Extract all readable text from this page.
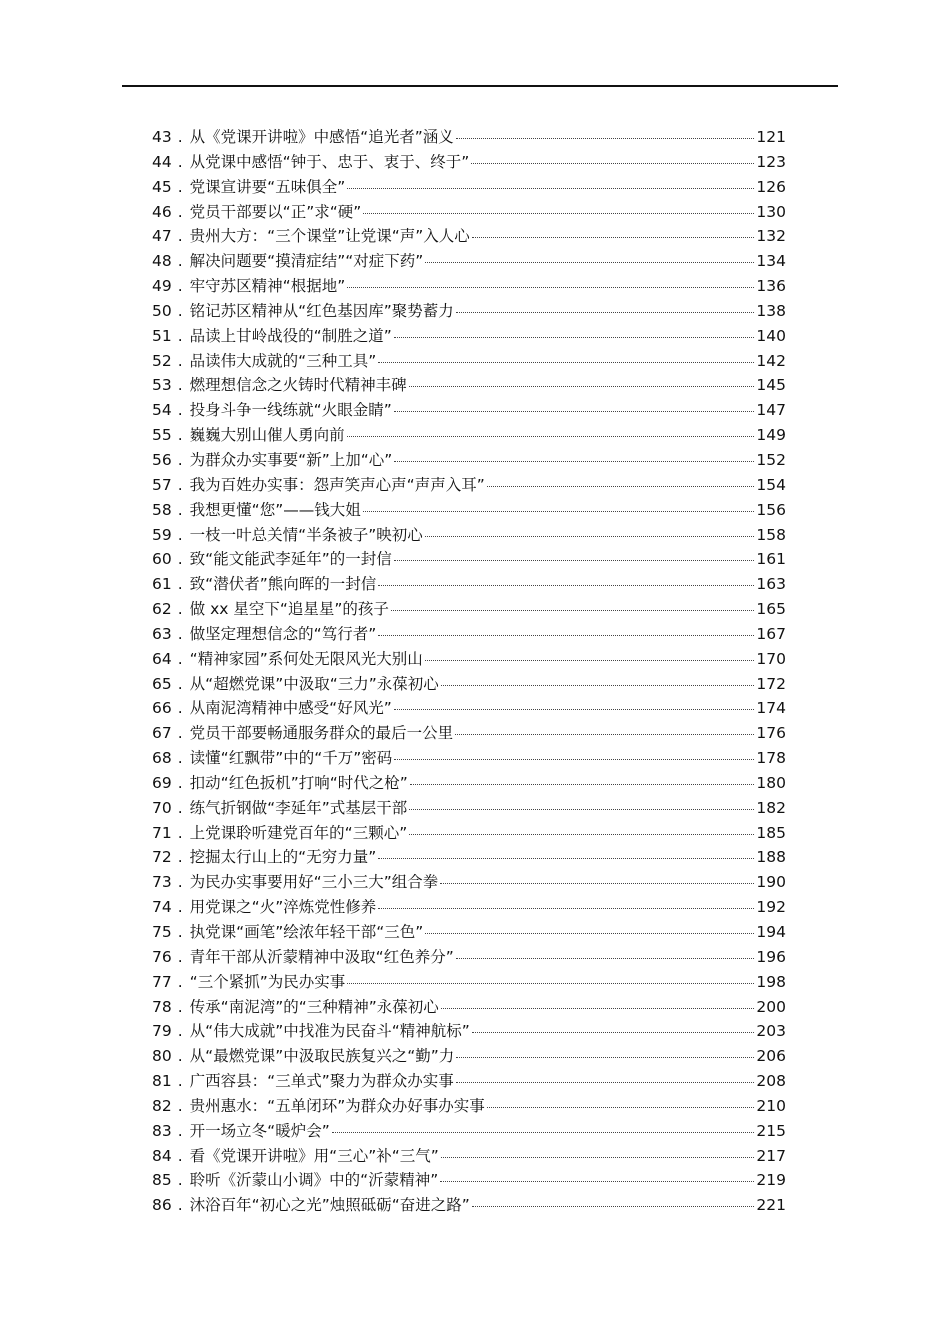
43 . 从《党课开讲啦》中感悟“追光者”涵义	121
44 . 从党课中感悟“钟于、忠于、衷于、终于”	123
45 . 党课宣讲要“五味俱全”	126
46 . 党员干部要以“正”求“硬”	130
47 . 贵州大方：“三个课堂”让党课“声”入人心	132
48 . 解决问题要“摸清症结”“对症下药”	134
49 . 牢守苏区精神“根据地”	136
50 . 铭记苏区精神从“红色基因库”聚势蓄力	138
51 . 品读上甘岭战役的“制胜之道”	140
52 . 品读伟大成就的“三种工具”	142
53 . 燃理想信念之火铸时代精神丰碑	145
54 . 投身斗争一线练就“火眼金睛”	147
55 . 巍巍大别山催人勇向前	149
56 . 为群众办实事要“新”上加“心”	152
57 . 我为百姓办实事：怨声笑声心声“声声入耳”	154
58 . 我想更懂“您”——钱大姐	156
59 . 一枝一叶总关情“半条被子”映初心	158
60 . 致“能文能武李延年”的一封信	161
61 . 致“潜伏者”熊向晖的一封信	163
62 . 做 xx 星空下“追星星”的孩子	165
63 . 做坚定理想信念的“笃行者”	167
64 . “精神家园”系何处无限风光大别山	170
65 . 从“超燃党课”中汲取“三力”永葆初心	172
66 . 从南泥湾精神中感受“好风光”	174
67 . 党员干部要畅通服务群众的最后一公里	176
68 . 读懂“红飘带”中的“千万”密码	178
69 . 扣动“红色扳机”打响“时代之枪”	180
70 . 练气折钢做“李延年”式基层干部	182
71 . 上党课聆听建党百年的“三颗心”	185
72 . 挖掘太行山上的“无穷力量”	188
73 . 为民办实事要用好“三小三大”组合拳	190
74 . 用党课之“火”淬炼党性修养	192
75 . 执党课“画笔”绘浓年轻干部“三色”	194
76 . 青年干部从沂蒙精神中汲取“红色养分”	196
77 . “三个紧抓”为民办实事	198
78 . 传承“南泥湾”的“三种精神”永葆初心	200
79 . 从“伟大成就”中找准为民奋斗“精神航标”	203
80 . 从“最燃党课”中汲取民族复兴之“勤”力	206
81 . 广西容县：“三单式”聚力为群众办实事	208
82 . 贵州惠水：“五单闭环”为群众办好事办实事	210
83 . 开一场立冬“暖炉会”	215
84 . 看《党课开讲啦》用“三心”补“三气”	217
85 . 聆听《沂蒙山小调》中的“沂蒙精神”	219
86 . 沐浴百年“初心之光”烛照砥砺“奋进之路”	221
